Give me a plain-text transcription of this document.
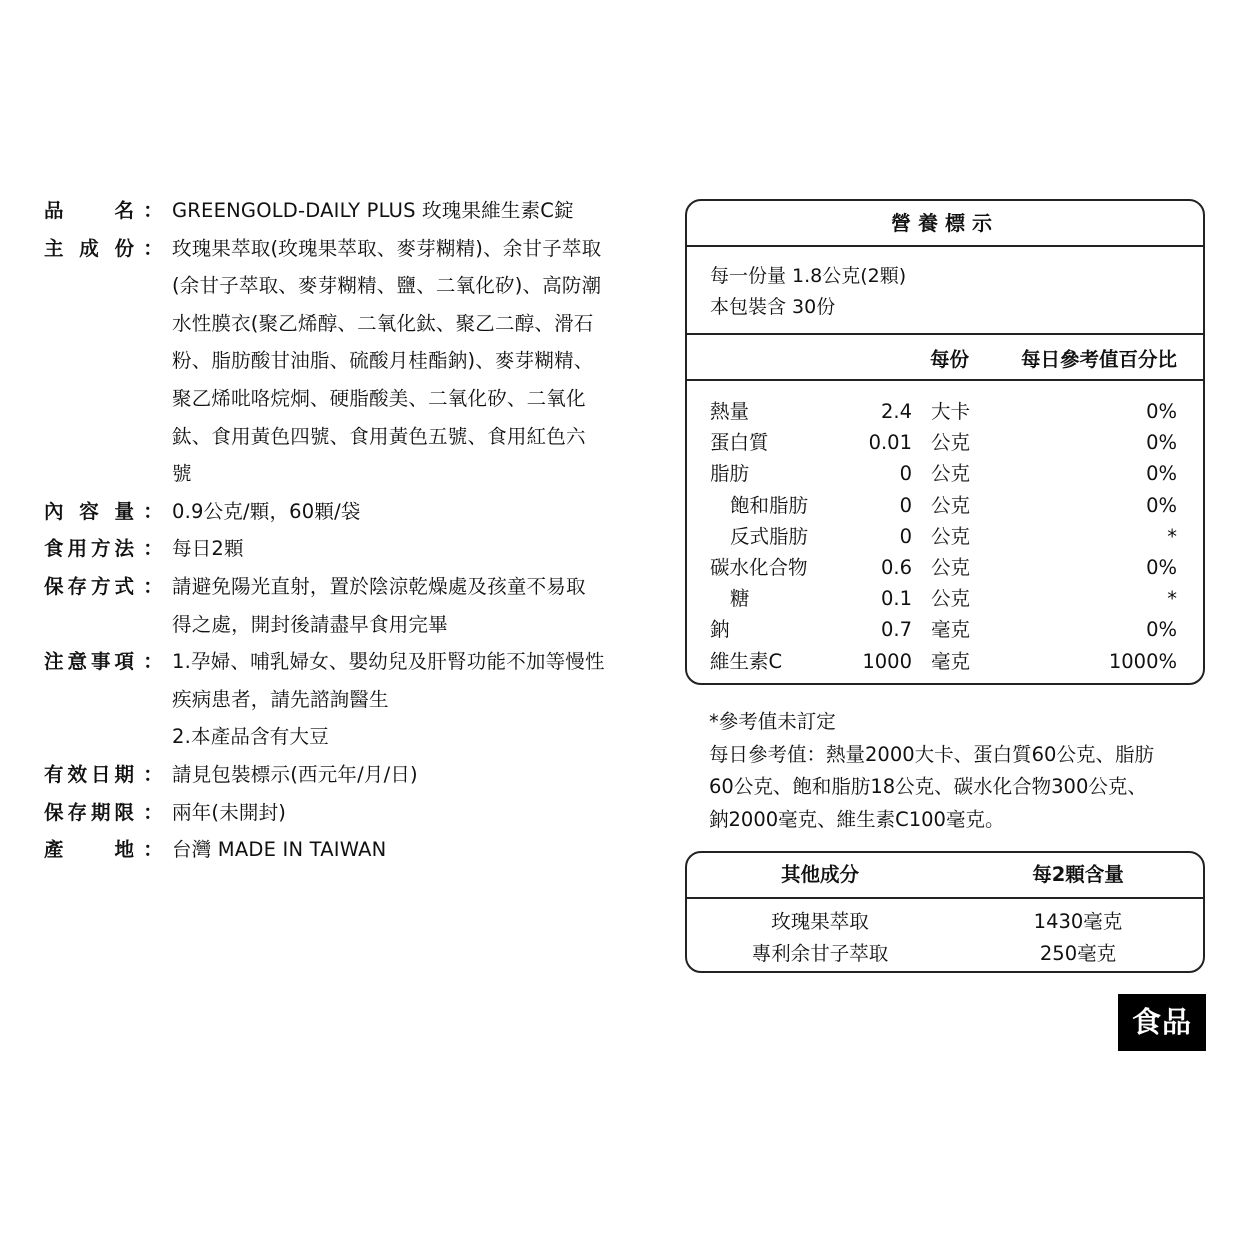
品　名 ： GREENGOLD-DAILY PLUS 玫瑰果維生素C錠
主成份 ： 玫瑰果萃取(玫瑰果萃取、麥芽糊精)、余甘子萃取
(余甘子萃取、麥芽糊精、鹽、二氧化矽)、高防潮
水性膜衣(聚乙烯醇、二氧化鈦、聚乙二醇、滑石
粉、脂肪酸甘油脂、硫酸月桂酯鈉)、麥芽糊精、
聚乙烯吡咯烷烔、硬脂酸美、二氧化矽、二氧化
鈦、食用黃色四號、食用黃色五號、食用紅色六
號
內容量 ： 0.9公克/顆，60顆/袋
食用方法 ： 每日2顆
保存方式 ： 請避免陽光直射，置於陰涼乾燥處及孩童不易取
得之處，開封後請盡早食用完畢
注意事項 ： 1.孕婦、哺乳婦女、嬰幼兒及肝腎功能不加等慢性
疾病患者，請先諮詢醫生
2.本產品含有大豆
有效日期 ： 請見包裝標示(西元年/月/日)
保存期限 ： 兩年(未開封)
產　地 ： 台灣 MADE IN TAIWAN
營養標示
每一份量 1.8公克(2顆)
本包裝含 30份
每份	每日參考值百分比
熱量	2.4 大卡	0%
蛋白質	0.01 公克	0%
脂肪	0 公克	0%
飽和脂肪	0 公克	0%
反式脂肪	0 公克	*
碳水化合物	0.6 公克	0%
糖	0.1 公克	*
鈉	0.7 毫克	0%
維生素C	1000 毫克	1000%
*參考值未訂定
每日參考值：熱量2000大卡、蛋白質60公克、脂肪
60公克、飽和脂肪18公克、碳水化合物300公克、
鈉2000毫克、維生素C100毫克。
其他成分	每2顆含量
玫瑰果萃取	1430毫克
專利余甘子萃取	250毫克
食品
